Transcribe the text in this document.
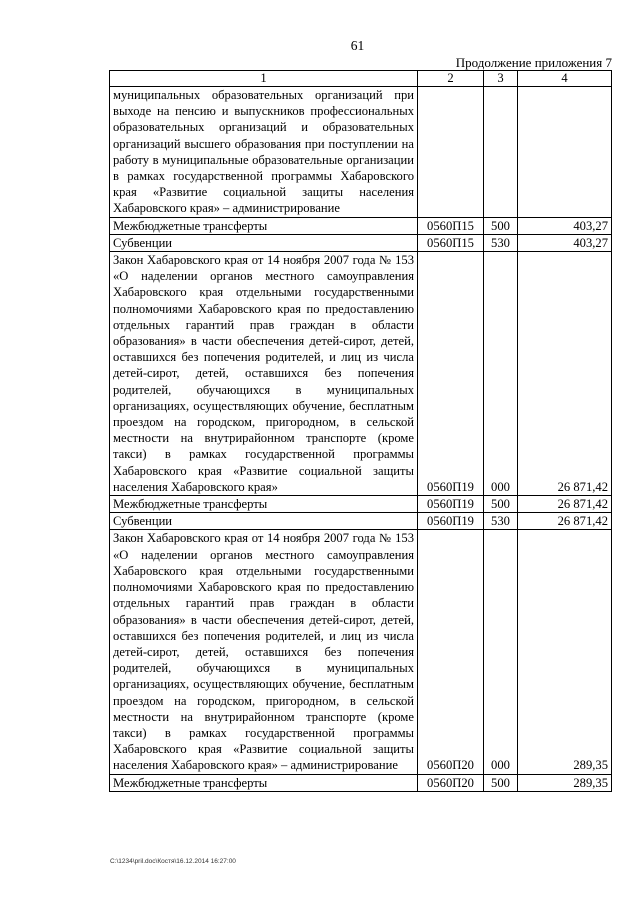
61
Продолжение приложения 7
1	2	3	4
муниципальных образовательных организаций при выходе на пенсию и выпускников профессиональных образовательных организаций и образовательных организаций высшего образования при поступлении на работу в муниципальные образовательные организации в рамках государственной программы Хабаровского края «Развитие социальной защиты населения Хабаровского края» – администрирование			
Межбюджетные трансферты	0560П15	500	403,27
Субвенции	0560П15	530	403,27
Закон Хабаровского края от 14 ноября 2007 года № 153 «О наделении органов местного самоуправления Хабаровского края отдельными государственными полномочиями Хабаровского края по предоставлению отдельных гарантий прав граждан в области образования» в части обеспечения детей-сирот, детей, оставшихся без попечения родителей, и лиц из числа детей-сирот, детей, оставшихся без попечения родителей, обучающихся в муниципальных организациях, осуществляющих обучение, бесплатным проездом на городском, пригородном, в сельской местности на внутрирайонном транспорте (кроме такси) в рамках государственной программы Хабаровского края «Развитие социальной защиты населения Хабаровского края»	0560П19	000	26 871,42
Межбюджетные трансферты	0560П19	500	26 871,42
Субвенции	0560П19	530	26 871,42
Закон Хабаровского края от 14 ноября 2007 года № 153 «О наделении органов местного самоуправления Хабаровского края отдельными государственными полномочиями Хабаровского края по предоставлению отдельных гарантий прав граждан в области образования» в части обеспечения детей-сирот, детей, оставшихся без попечения родителей, и лиц из числа детей-сирот, детей, оставшихся без попечения родителей, обучающихся в муниципальных организациях, осуществляющих обучение, бесплатным проездом на городском, пригородном, в сельской местности на внутрирайонном транспорте (кроме такси) в рамках государственной программы Хабаровского края «Развитие социальной защиты населения Хабаровского края» – администрирование	0560П20	000	289,35
Межбюджетные трансферты	0560П20	500	289,35
C:\1234\pril.doc\Костя\16.12.2014 16:27:00
